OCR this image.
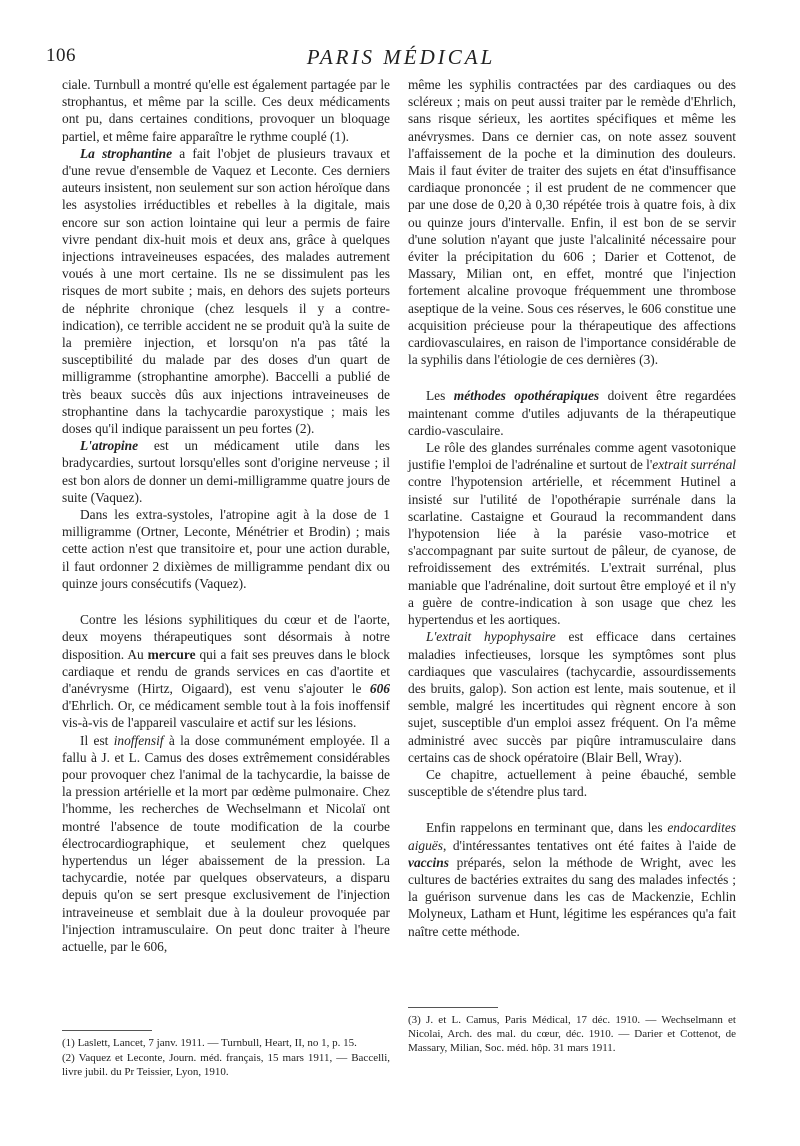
106	PARIS MÉDICAL

ciale. Turnbull a montré qu'elle est également partagée par le strophantus, et même par la scille. Ces deux médicaments ont pu, dans certaines conditions, provoquer un bloquage partiel, et même faire apparaître le rythme couplé (1).

La strophantine a fait l'objet de plusieurs travaux et d'une revue d'ensemble de Vaquez et Leconte. Ces derniers auteurs insistent, non seulement sur son action héroïque dans les asystolies irréductibles et rebelles à la digitale, mais encore sur son action lointaine qui leur a permis de faire vivre pendant dix-huit mois et deux ans, grâce à quelques injections intraveineuses espacées, des malades autrement voués à une mort certaine. Ils ne se dissimulent pas les risques de mort subite ; mais, en dehors des sujets porteurs de néphrite chronique (chez lesquels il y a contre-indication), ce terrible accident ne se produit qu'à la suite de la première injection, et lorsqu'on n'a pas tâté la susceptibilité du malade par des doses d'un quart de milligramme (strophantine amorphe). Baccelli a publié de très beaux succès dûs aux injections intraveineuses de strophantine dans la tachycardie paroxystique ; mais les doses qu'il indique paraissent un peu fortes (2).

L'atropine est un médicament utile dans les bradycardies, surtout lorsqu'elles sont d'origine nerveuse ; il est bon alors de donner un demi-milligramme quatre jours de suite (Vaquez).

Dans les extra-systoles, l'atropine agit à la dose de 1 milligramme (Ortner, Leconte, Ménétrier et Brodin) ; mais cette action n'est que transitoire et, pour une action durable, il faut ordonner 2 dixièmes de milligramme pendant dix ou quinze jours consécutifs (Vaquez).

Contre les lésions syphilitiques du cœur et de l'aorte, deux moyens thérapeutiques sont désormais à notre disposition. Au mercure qui a fait ses preuves dans le block cardiaque et rendu de grands services en cas d'aortite et d'anévrysme (Hirtz, Oigaard), est venu s'ajouter le 606 d'Ehrlich. Or, ce médicament semble tout à la fois inoffensif vis-à-vis de l'appareil vasculaire et actif sur les lésions.

Il est inoffensif à la dose communément employée. Il a fallu à J. et L. Camus des doses extrêmement considérables pour provoquer chez l'animal de la tachycardie, la baisse de la pression artérielle et la mort par œdème pulmonaire. Chez l'homme, les recherches de Wechselmann et Nicolaï ont montré l'absence de toute modification de la courbe électrocardiographique, et seulement chez quelques hypertendus un léger abaissement de la pression. La tachycardie, notée par quelques observateurs, a disparu depuis qu'on se sert presque exclusivement de l'injection intraveineuse et semblait due à la douleur provoquée par l'injection intramusculaire. On peut donc traiter à l'heure actuelle, par le 606,

même les syphilis contractées par des cardiaques ou des scléreux ; mais on peut aussi traiter par le remède d'Ehrlich, sans risque sérieux, les aortites spécifiques et même les anévrysmes. Dans ce dernier cas, on note assez souvent l'affaissement de la poche et la diminution des douleurs. Mais il faut éviter de traiter des sujets en état d'insuffisance cardiaque prononcée ; il est prudent de ne commencer que par une dose de 0,20 à 0,30 répétée trois à quatre fois, à dix ou quinze jours d'intervalle. Enfin, il est bon de se servir d'une solution n'ayant que juste l'alcalinité nécessaire pour éviter la précipitation du 606 ; Darier et Cottenot, de Massary, Milian ont, en effet, montré que l'injection fortement alcaline provoque fréquemment une thrombose aseptique de la veine. Sous ces réserves, le 606 constitue une acquisition précieuse pour la thérapeutique des affections cardiovasculaires, en raison de l'importance considérable de la syphilis dans l'étiologie de ces dernières (3).

Les méthodes opothérapiques doivent être regardées maintenant comme d'utiles adjuvants de la thérapeutique cardio-vasculaire.

Le rôle des glandes surrénales comme agent vasotonique justifie l'emploi de l'adrénaline et surtout de l'extrait surrénal contre l'hypotension artérielle, et récemment Hutinel a insisté sur l'utilité de l'opothérapie surrénale dans la scarlatine. Castaigne et Gouraud la recommandent dans l'hypotension liée à la parésie vaso-motrice et s'accompagnant par suite surtout de pâleur, de cyanose, de refroidissement des extrémités. L'extrait surrénal, plus maniable que l'adrénaline, doit surtout être employé et il n'y a guère de contre-indication à son usage que chez les hypertendus et les aortiques.

L'extrait hypophysaire est efficace dans certaines maladies infectieuses, lorsque les symptômes sont plus cardiaques que vasculaires (tachycardie, assourdissements des bruits, galop). Son action est lente, mais soutenue, et il semble, malgré les incertitudes qui règnent encore à son sujet, susceptible d'un emploi assez fréquent. On l'a même administré avec succès par piqûre intramusculaire dans certains cas de shock opératoire (Blair Bell, Wray).

Ce chapitre, actuellement à peine ébauché, semble susceptible de s'étendre plus tard.

Enfin rappelons en terminant que, dans les endocardites aiguës, d'intéressantes tentatives ont été faites à l'aide de vaccins préparés, selon la méthode de Wright, avec les cultures de bactéries extraites du sang des malades infectés ; la guérison survenue dans les cas de Mackenzie, Echlin Molyneux, Latham et Hunt, légitime les espérances qu'a fait naître cette méthode.

(1) Laslett, Lancet, 7 janv. 1911. — Turnbull, Heart, II, no 1, p. 15.

(2) Vaquez et Leconte, Journ. méd. français, 15 mars 1911, — Baccelli, livre jubil. du Pr Teissier, Lyon, 1910.

(3) J. et L. Camus, Paris Médical, 17 déc. 1910. — Wechselmann et Nicolai, Arch. des mal. du cœur, déc. 1910. — Darier et Cottenot, de Massary, Milian, Soc. méd. hôp. 31 mars 1911.
